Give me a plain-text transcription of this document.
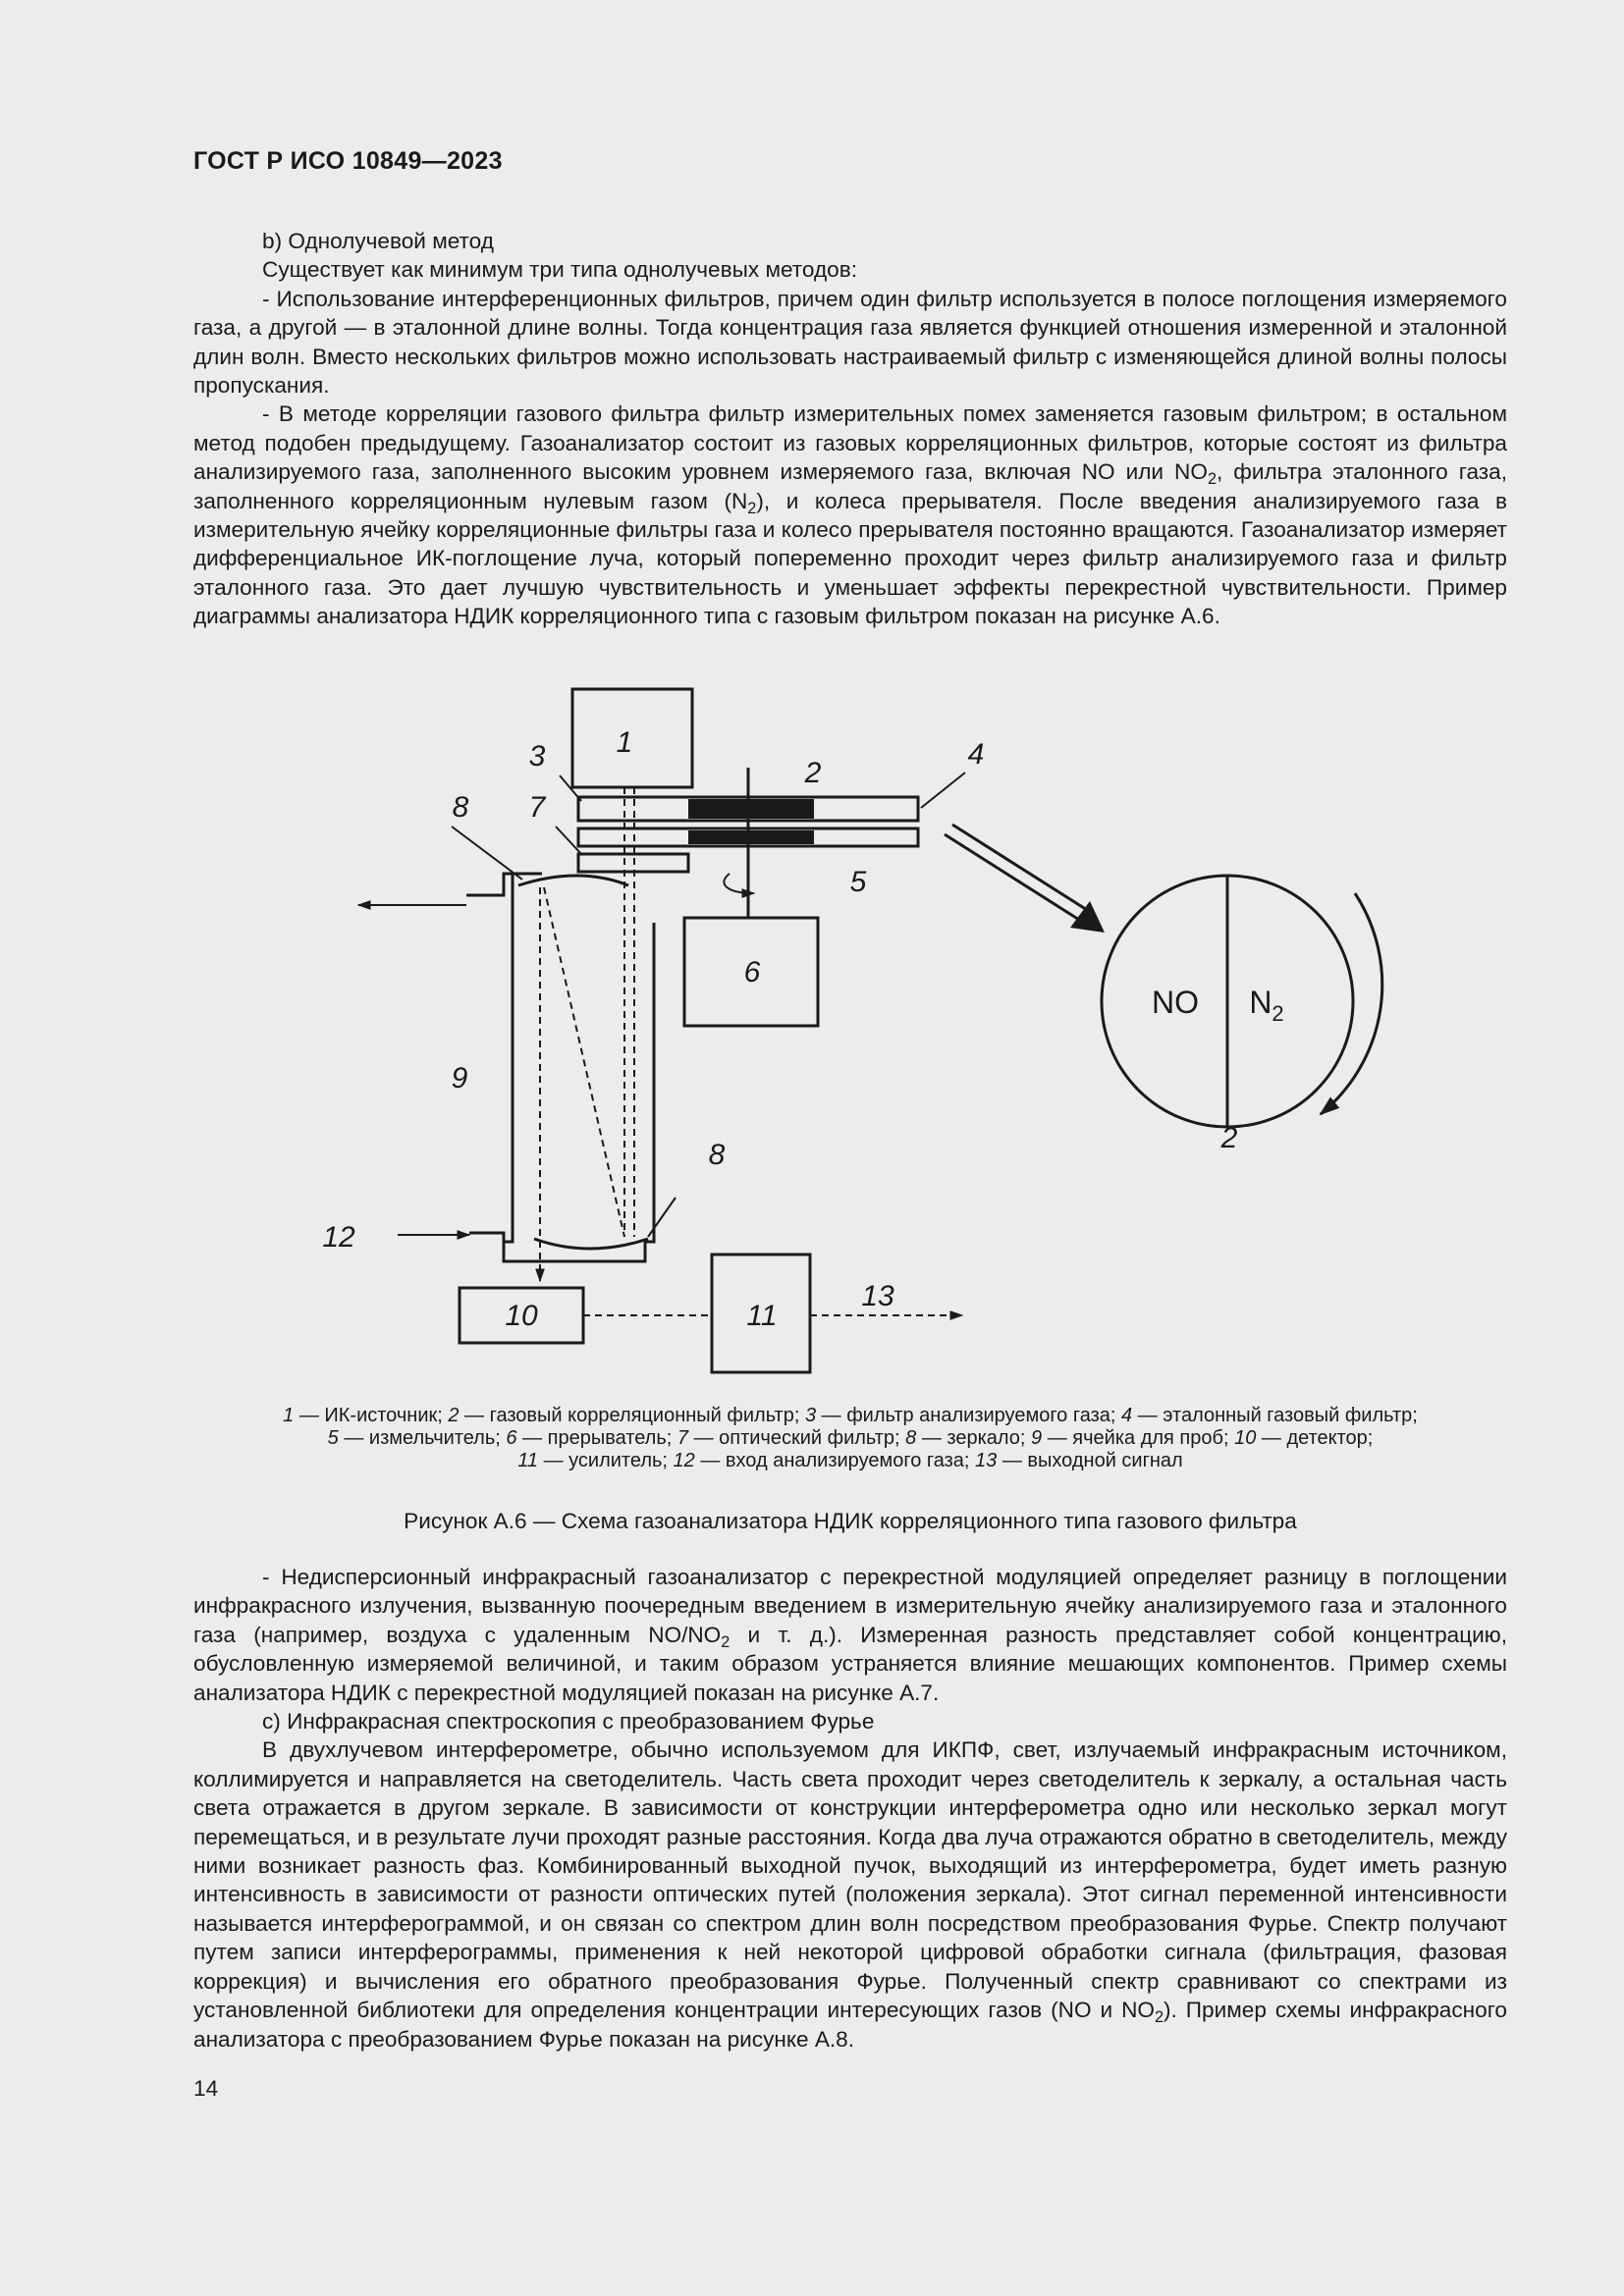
ГОСТ Р ИСО 10849—2023

b) Однолучевой метод

Существует как минимум три типа однолучевых методов:

- Использование интерференционных фильтров, причем один фильтр используется в полосе поглощения измеряемого газа, а другой — в эталонной длине волны. Тогда концентрация газа является функцией отношения измеренной и эталонной длин волн. Вместо нескольких фильтров можно использовать настраиваемый фильтр с изменяющейся длиной волны полосы пропускания.

- В методе корреляции газового фильтра фильтр измерительных помех заменяется газовым фильтром; в остальном метод подобен предыдущему. Газоанализатор состоит из газовых корреляционных фильтров, которые состоят из фильтра анализируемого газа, заполненного высоким уровнем измеряемого газа, включая NO или $NO_2$, фильтра эталонного газа, заполненного корреляционным нулевым газом $(N_2)$, и колеса прерывателя. После введения анализируемого газа в измерительную ячейку корреляционные фильтры газа и колесо прерывателя постоянно вращаются. Газоанализатор измеряет дифференциальное ИК-поглощение луча, который попеременно проходит через фильтр анализируемого газа и фильтр эталонного газа. Это дает лучшую чувствительность и уменьшает эффекты перекрестной чувствительности. Пример диаграммы анализатора НДИК корреляционного типа с газовым фильтром показан на рисунке А.6.

1
2
3	4
5
6
7
8
8
9
10	11
12
13
2
NO $N_2$
1 — ИК-источник; 2 — газовый корреляционный фильтр; 3 — фильтр анализируемого газа; 4 — эталонный газовый фильтр;
5 — измельчитель; 6 — прерыватель; 7 — оптический фильтр; 8 — зеркало; 9 — ячейка для проб; 10 — детектор;
11 — усилитель; 12 — вход анализируемого газа; 13 — выходной сигнал
Рисунок А.6 — Схема газоанализатора НДИК корреляционного типа газового фильтра

- Недисперсионный инфракрасный газоанализатор с перекрестной модуляцией определяет разницу в поглощении инфракрасного излучения, вызванную поочередным введением в измерительную ячейку анализируемого газа и эталонного газа (например, воздуха с удаленным $NO/NO_2$ и т. д.). Измеренная разность представляет собой концентрацию, обусловленную измеряемой величиной, и таким образом устраняется влияние мешающих компонентов. Пример схемы анализатора НДИК с перекрестной модуляцией показан на рисунке А.7.

c) Инфракрасная спектроскопия с преобразованием Фурье

В двухлучевом интерферометре, обычно используемом для ИКПФ, свет, излучаемый инфракрасным источником, коллимируется и направляется на светоделитель. Часть света проходит через светоделитель к зеркалу, а остальная часть света отражается в другом зеркале. В зависимости от конструкции интерферометра одно или несколько зеркал могут перемещаться, и в результате лучи проходят разные расстояния. Когда два луча отражаются обратно в светоделитель, между ними возникает разность фаз. Комбинированный выходной пучок, выходящий из интерферометра, будет иметь разную интенсивность в зависимости от разности оптических путей (положения зеркала). Этот сигнал переменной интенсивности называется интерферограммой, и он связан со спектром длин волн посредством преобразования Фурье. Спектр получают путем записи интерферограммы, применения к ней некоторой цифровой обработки сигнала (фильтрация, фазовая коррекция) и вычисления его обратного преобразования Фурье. Полученный спектр сравнивают со спектрами из установленной библиотеки для определения концентрации интересующих газов (NO и $NO_2$). Пример схемы инфракрасного анализатора с преобразованием Фурье показан на рисунке А.8.

14
